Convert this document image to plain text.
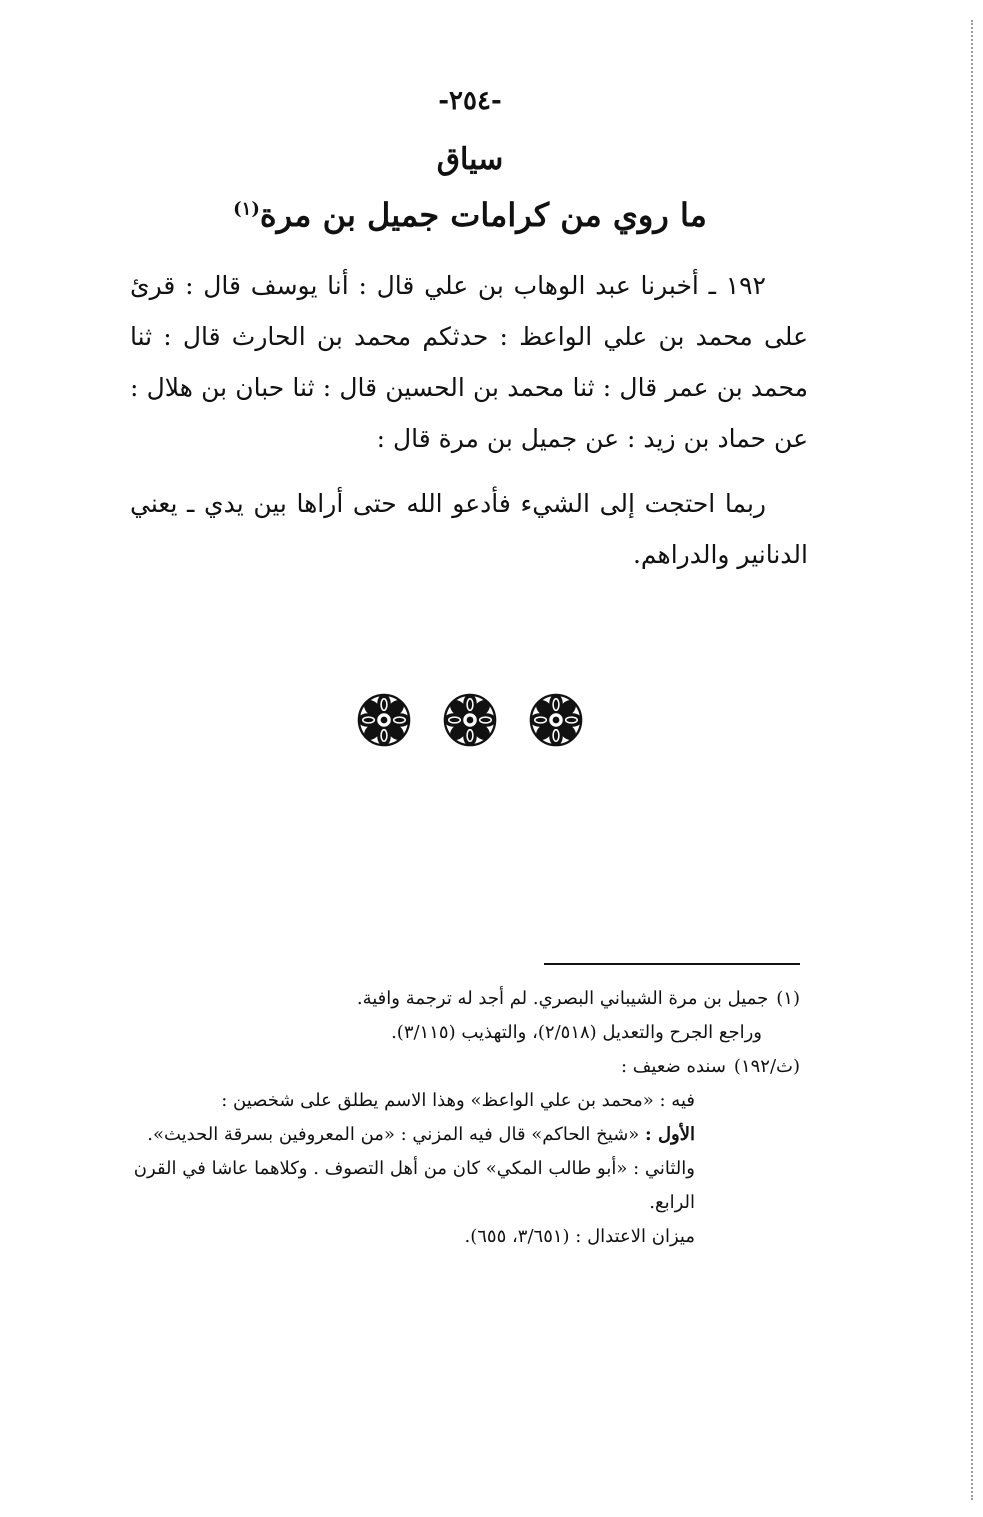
-٢٥٤-
سياق
ما روي من كرامات جميل بن مرة$^{(١)}$
١٩٢ ـ أخبرنا عبد الوهاب بن علي قال : أنا يوسف قال : قرئ على محمد بن علي الواعظ : حدثكم محمد بن الحارث قال : ثنا محمد بن عمر قال : ثنا محمد بن الحسين قال : ثنا حبان بن هلال : عن حماد بن زيد : عن جميل بن مرة قال :
ربما احتجت إلى الشيء فأدعو الله حتى أراها بين يدي ـ يعني الدنانير والدراهم.
(١)جميل بن مرة الشيباني البصري. لم أجد له ترجمة وافية.
وراجع الجرح والتعديل (٢/٥١٨)، والتهذيب (٣/١١٥).
(ث/١٩٢)سنده ضعيف :
فيه : «محمد بن علي الواعظ» وهذا الاسم يطلق على شخصين :
الأول : «شيخ الحاكم» قال فيه المزني : «من المعروفين بسرقة الحديث».
والثاني : «أبو طالب المكي» كان من أهل التصوف . وكلاهما عاشا في القرن الرابع.
ميزان الاعتدال : (٣/٦٥١، ٦٥٥).
